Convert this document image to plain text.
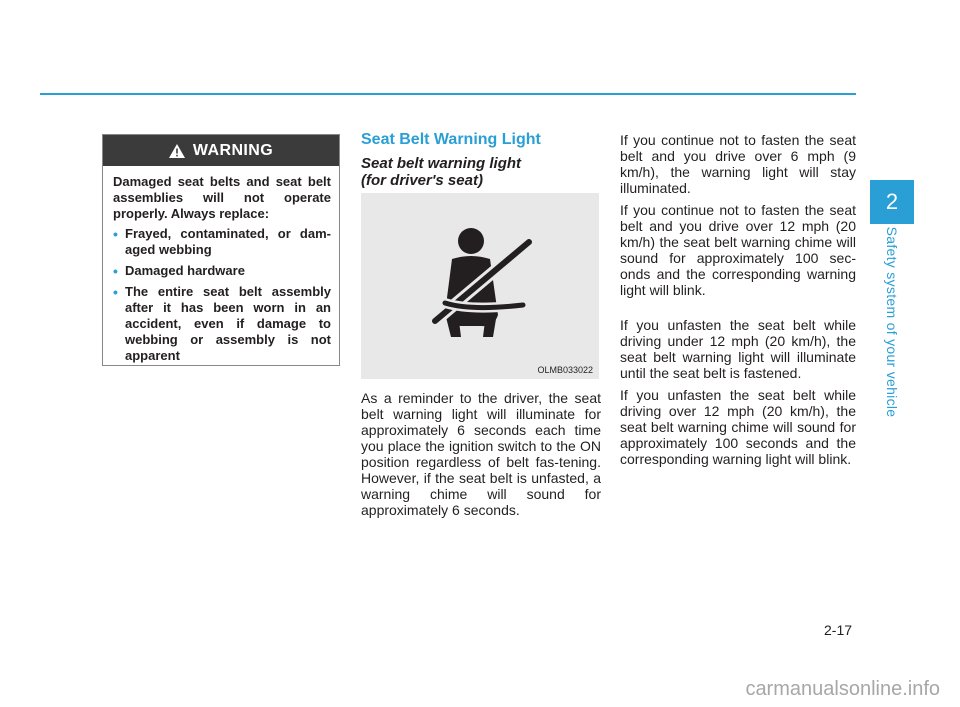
WARNING

Damaged seat belts and seat belt assemblies will not operate properly. Always replace:

• Frayed, contaminated, or dam-aged webbing
• Damaged hardware
• The entire seat belt assembly after it has been worn in an accident, even if damage to webbing or assembly is not apparent
Seat Belt Warning Light
Seat belt warning light
(for driver's seat)
OLMB033022
As a reminder to the driver, the seat belt warning light will illuminate for approximately 6 seconds each time you place the ignition switch to the ON position regardless of belt fas-tening. However, if the seat belt is unfasted, a warning chime will sound for approximately 6 seconds.

If you continue not to fasten the seat belt and you drive over 6 mph (9 km/h), the warning light will stay illuminated.

If you continue not to fasten the seat belt and you drive over 12 mph (20 km/h) the seat belt warning chime will sound for approximately 100 sec-onds and the corresponding warning light will blink.

If you unfasten the seat belt while driving under 12 mph (20 km/h), the seat belt warning light will illuminate until the seat belt is fastened.

If you unfasten the seat belt while driving over 12 mph (20 km/h), the seat belt warning chime will sound for approximately 100 seconds and the corresponding warning light will blink.

2
Safety system of your vehicle
2-17
carmanualsonline.info
